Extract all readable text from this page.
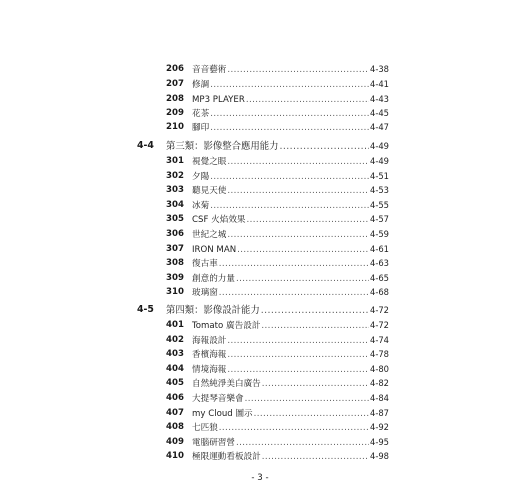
206 音音藝術 .....	4-38
207 修調 .....	4-41
208 MP3 PLAYER .....	4-43
209 花茶 .....	4-45
210 腳印 .....	4-47
4-4	第三類：影像整合應用能力 .....	4-49
301 視覺之眼 .....	4-49
302 夕陽 .....	4-51
303 聽見天使 .....	4-53
304 冰菊 .....	4-55
305 CSF 火焰效果 .....	4-57
306 世紀之城 .....	4-59
307 IRON MAN .....	4-61
308 復古車 .....	4-63
309 創意的力量 .....	4-65
310 玻璃窗 .....	4-68
4-5	第四類：影像設計能力 .....	4-72
401 Tomato 廣告設計 .....	4-72
402 海報設計 .....	4-74
403 香檳海報 .....	4-78
404 情境海報 .....	4-80
405 自然純淨美白廣告 .....	4-82
406 大提琴音樂會 .....	4-84
407 my Cloud 圖示 .....	4-87
408 七匹狼 .....	4-92
409 電腦研習營 .....	4-95
410 極限運動看板設計 .....	4-98
- 3 -
